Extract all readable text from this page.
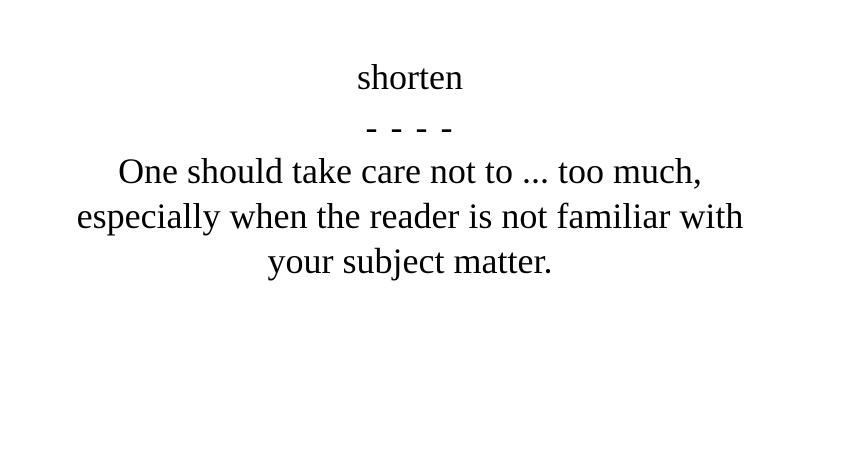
shorten
- - - -
One should take care not to ... too much,
especially when the reader is not familiar with
your subject matter.
